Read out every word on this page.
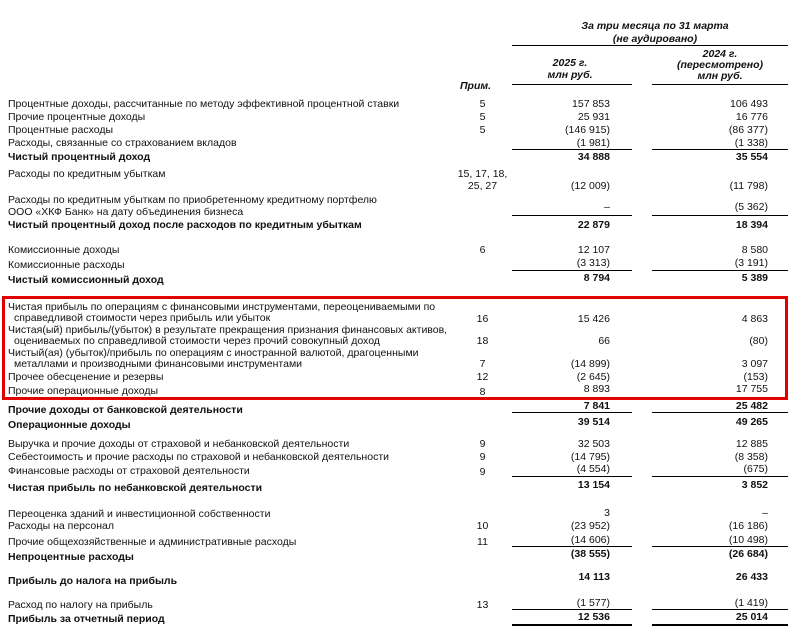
За три месяца по 31 марта
(не аудировано)
Прим.
2025 г.
млн руб.
2024 г.
(пересмотрено)
млн руб.
Процентные доходы, рассчитанные по методу эффективной процентной ставки	5	157 853	106 493
Прочие процентные доходы	5	25 931	16 776
Процентные расходы	5	(146 915)	(86 377)
Расходы, связанные со страхованием вкладов	(1 981)	(1 338)
Чистый процентный доход	34 888	35 554
Расходы по кредитным убыткам	15, 17, 18,
25, 27	(12 009)	(11 798)
Расходы по кредитным убыткам по приобретенному кредитному портфелю
ООО «ХКФ Банк» на дату объединения бизнеса	–	(5 362)
Чистый процентный доход после расходов по кредитным убыткам	22 879	18 394
Комиссионные доходы	6	12 107	8 580
Комиссионные расходы	(3 313)	(3 191)
Чистый комиссионный доход	8 794	5 389
Чистая прибыль по операциям с финансовыми инструментами, переоцениваемыми по
справедливой стоимости через прибыль или убыток	16	15 426	4 863
Чистая(ый) прибыль/(убыток) в результате прекращения признания финансовых активов,
оцениваемых по справедливой стоимости через прочий совокупный доход	18	66	(80)
Чистый(ая) (убыток)/прибыль по операциям с иностранной валютой, драгоценными
металлами и производными финансовыми инструментами	7	(14 899)	3 097
Прочее обесценение и резервы	12	(2 645)	(153)
Прочие операционные доходы	8	8 893	17 755
Прочие доходы от банковской деятельности	7 841	25 482
Операционные доходы	39 514	49 265
Выручка и прочие доходы от страховой и небанковской деятельности	9	32 503	12 885
Себестоимость и прочие расходы по страховой и небанковской деятельности	9	(14 795)	(8 358)
Финансовые расходы от страховой деятельности	9	(4 554)	(675)
Чистая прибыль по небанковской деятельности	13 154	3 852
Переоценка зданий и инвестиционной собственности	3	–
Расходы на персонал	10	(23 952)	(16 186)
Прочие общехозяйственные и административные расходы	11	(14 606)	(10 498)
Непроцентные расходы	(38 555)	(26 684)
Прибыль до налога на прибыль	14 113	26 433
Расход по налогу на прибыль	13	(1 577)	(1 419)
Прибыль за отчетный период	12 536	25 014
